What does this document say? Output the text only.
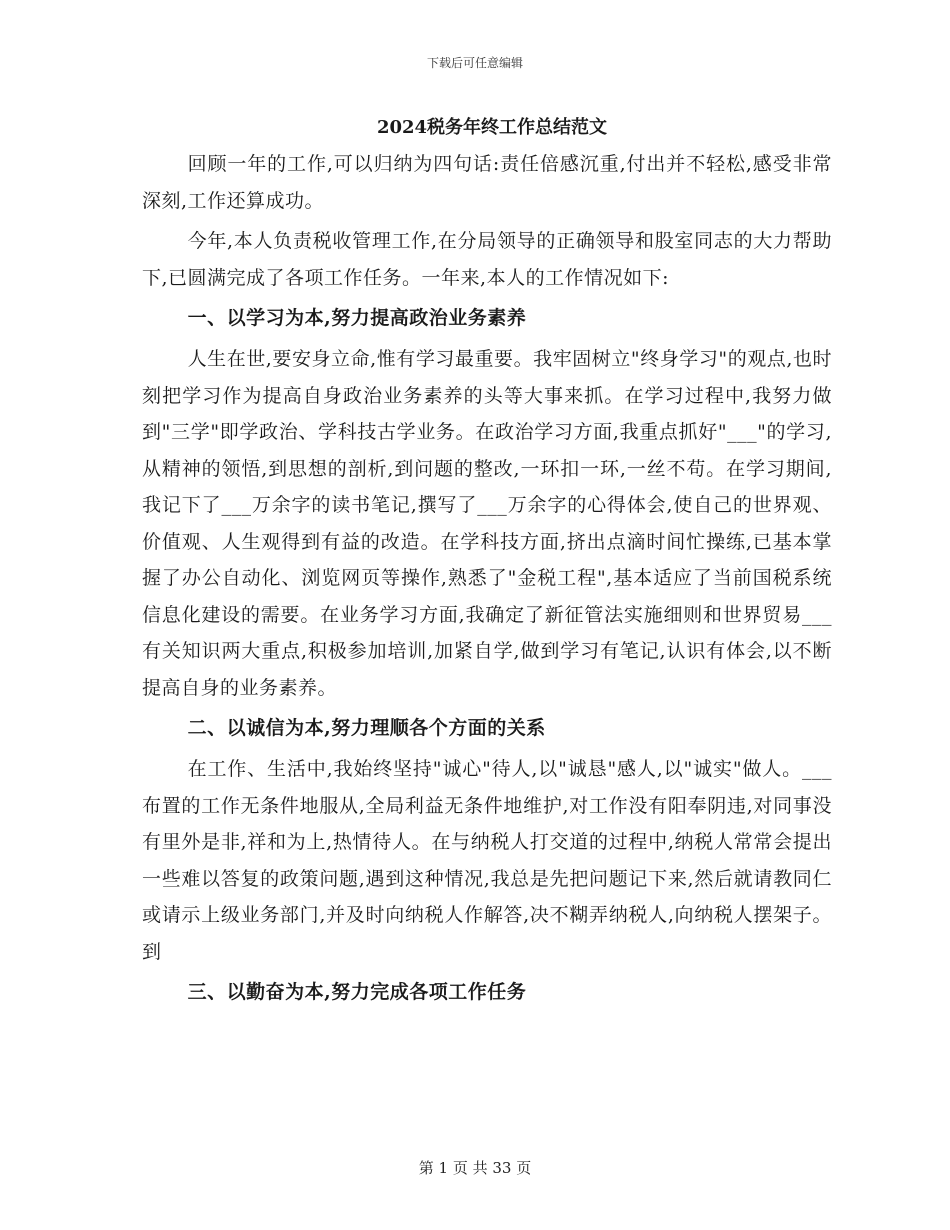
下载后可任意编辑
2024税务年终工作总结范文

回顾一年的工作,可以归纳为四句话:责任倍感沉重,付出并不轻松,感受非常深刻,工作还算成功。

今年,本人负责税收管理工作,在分局领导的正确领导和股室同志的大力帮助下,已圆满完成了各项工作任务。一年来,本人的工作情况如下:

一、以学习为本,努力提高政治业务素养

人生在世,要安身立命,惟有学习最重要。我牢固树立"终身学习"的观点,也时刻把学习作为提高自身政治业务素养的头等大事来抓。在学习过程中,我努力做到"三学"即学政治、学科技古学业务。在政治学习方面,我重点抓好"___"的学习,从精神的领悟,到思想的剖析,到问题的整改,一环扣一环,一丝不苟。在学习期间,我记下了___万余字的读书笔记,撰写了___万余字的心得体会,使自己的世界观、价值观、人生观得到有益的改造。在学科技方面,挤出点滴时间忙操练,已基本掌握了办公自动化、浏览网页等操作,熟悉了"金税工程",基本适应了当前国税系统信息化建设的需要。在业务学习方面,我确定了新征管法实施细则和世界贸易___有关知识两大重点,积极参加培训,加紧自学,做到学习有笔记,认识有体会,以不断提高自身的业务素养。

二、以诚信为本,努力理顺各个方面的关系

在工作、生活中,我始终坚持"诚心"待人,以"诚恳"感人,以"诚实"做人。___布置的工作无条件地服从,全局利益无条件地维护,对工作没有阳奉阴违,对同事没有里外是非,祥和为上,热情待人。在与纳税人打交道的过程中,纳税人常常会提出一些难以答复的政策问题,遇到这种情况,我总是先把问题记下来,然后就请教同仁或请示上级业务部门,并及时向纳税人作解答,决不糊弄纳税人,向纳税人摆架子。到

三、以勤奋为本,努力完成各项工作任务
第 1 页 共 33 页
